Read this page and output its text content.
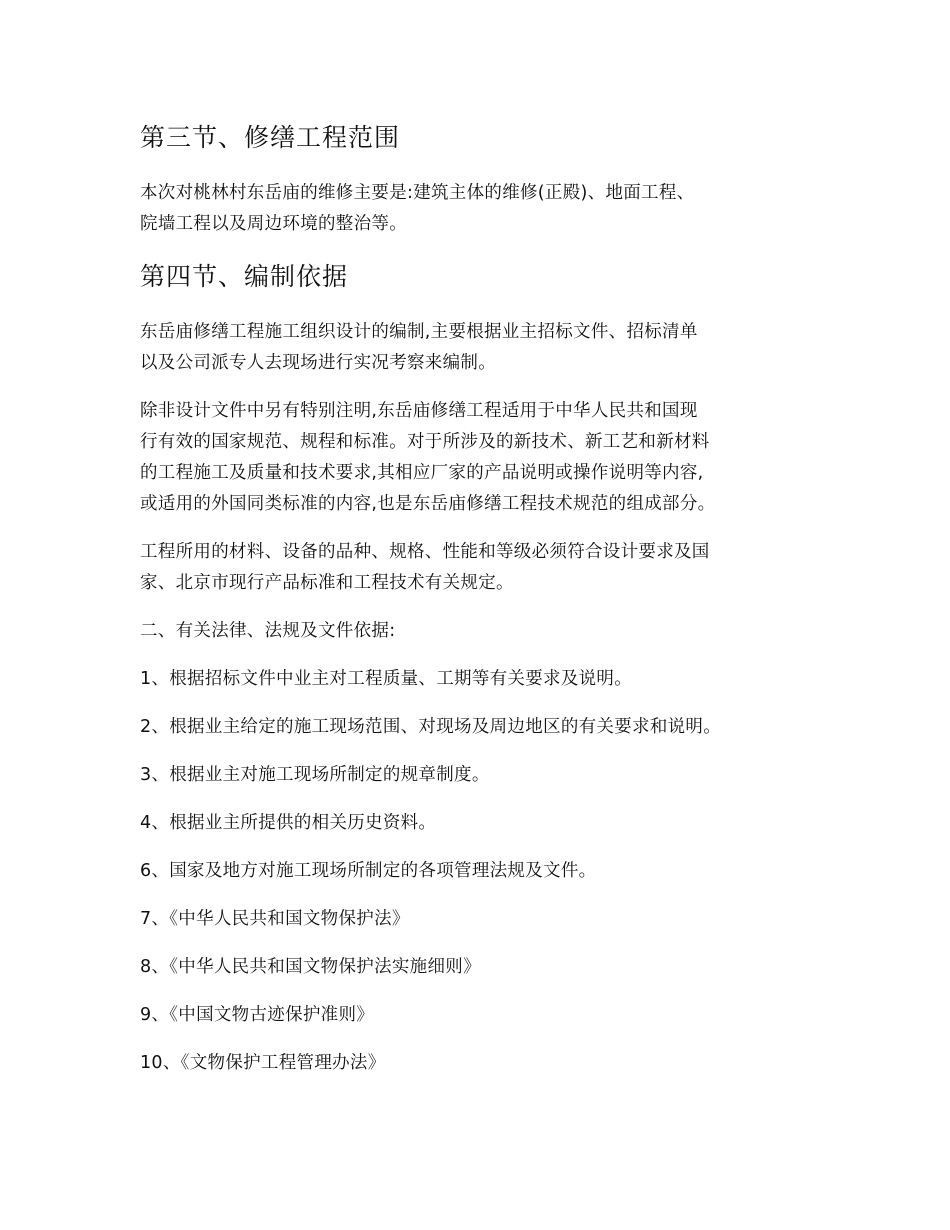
第三节、修缮工程范围

本次对桃林村东岳庙的维修主要是:建筑主体的维修(正殿)、地面工程、
院墙工程以及周边环境的整治等。

第四节、编制依据

东岳庙修缮工程施工组织设计的编制,主要根据业主招标文件、招标清单
以及公司派专人去现场进行实况考察来编制。

除非设计文件中另有特别注明,东岳庙修缮工程适用于中华人民共和国现
行有效的国家规范、规程和标准。对于所涉及的新技术、新工艺和新材料
的工程施工及质量和技术要求,其相应厂家的产品说明或操作说明等内容,
或适用的外国同类标准的内容,也是东岳庙修缮工程技术规范的组成部分。

工程所用的材料、设备的品种、规格、性能和等级必须符合设计要求及国
家、北京市现行产品标准和工程技术有关规定。

二、有关法律、法规及文件依据:

1、根据招标文件中业主对工程质量、工期等有关要求及说明。

2、根据业主给定的施工现场范围、对现场及周边地区的有关要求和说明。

3、根据业主对施工现场所制定的规章制度。

4、根据业主所提供的相关历史资料。

6、国家及地方对施工现场所制定的各项管理法规及文件。

7、《中华人民共和国文物保护法》

8、《中华人民共和国文物保护法实施细则》

9、《中国文物古迹保护准则》

10、《文物保护工程管理办法》
